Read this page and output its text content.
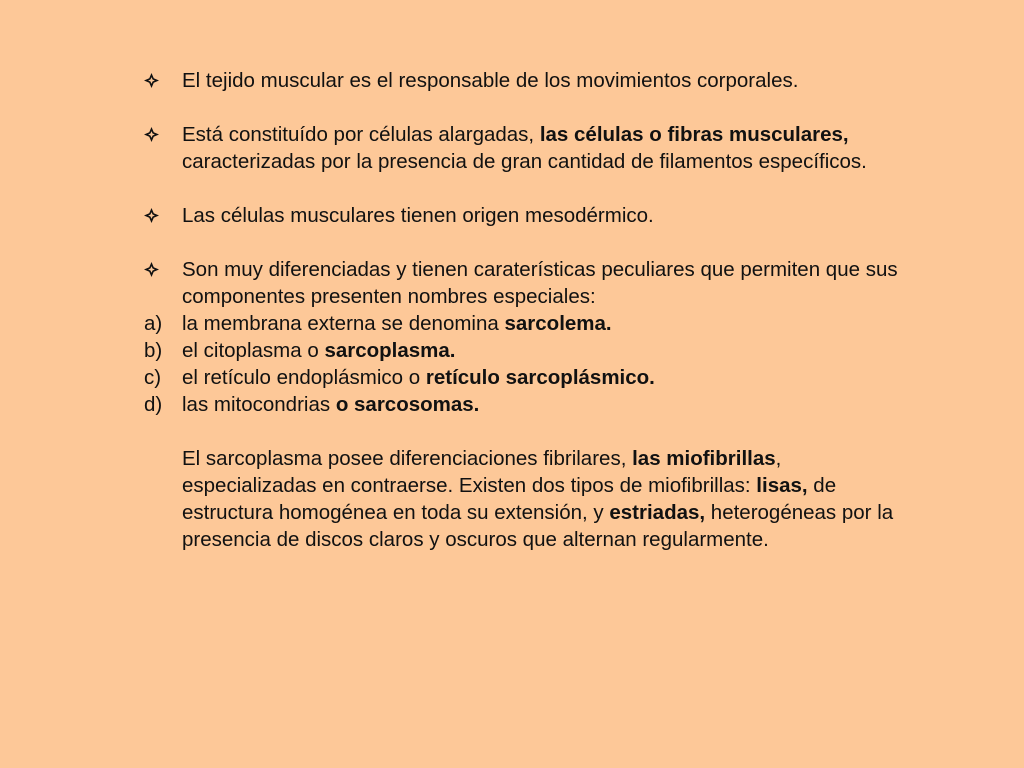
El tejido muscular es el responsable de los movimientos corporales.
Está constituído por células alargadas, las células o fibras musculares, caracterizadas por la presencia de gran cantidad de filamentos específicos.
Las células musculares tienen origen mesodérmico.
Son muy diferenciadas y tienen caraterísticas peculiares que permiten que sus componentes presenten nombres especiales:
a) la membrana externa se denomina sarcolema.
b) el citoplasma o sarcoplasma.
c)	el retículo endoplásmico o retículo sarcoplásmico.
d) las mitocondrias o sarcosomas.
El sarcoplasma posee diferenciaciones fibrilares, las miofibrillas, especializadas en contraerse. Existen dos tipos de miofibrillas: lisas, de estructura homogénea en toda su extensión, y estriadas, heterogéneas por la presencia de discos claros y oscuros que alternan regularmente.
